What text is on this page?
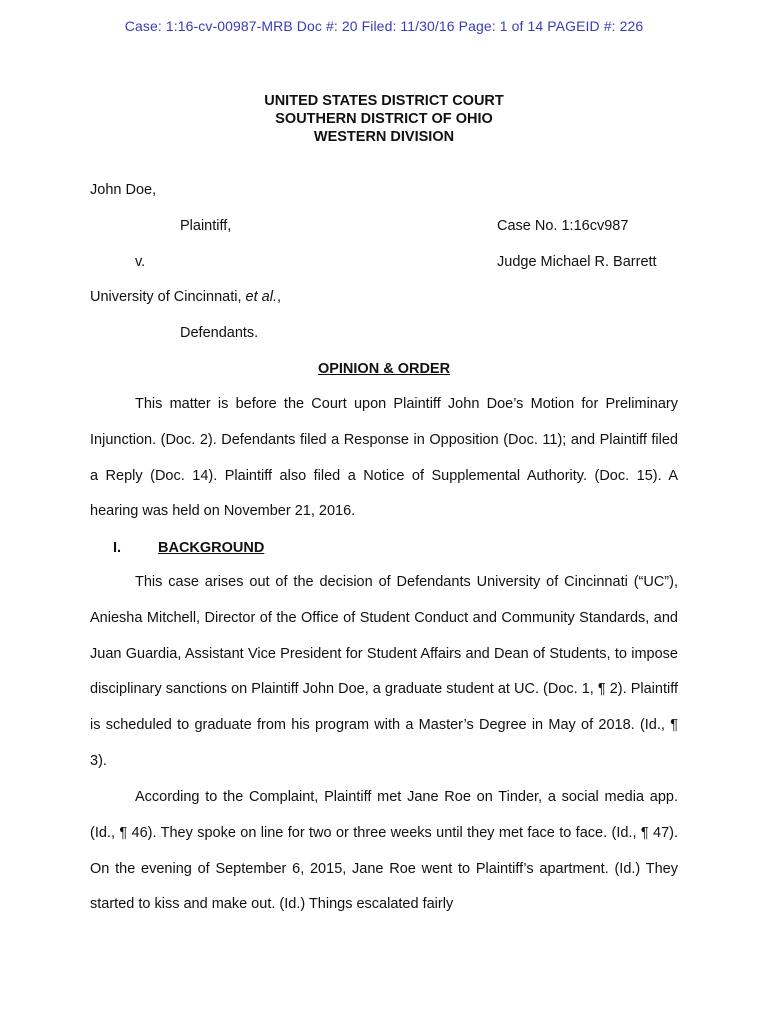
Case: 1:16-cv-00987-MRB Doc #: 20 Filed: 11/30/16 Page: 1 of 14 PAGEID #: 226
UNITED STATES DISTRICT COURT
SOUTHERN DISTRICT OF OHIO
WESTERN DIVISION
John Doe,
Plaintiff,	Case No. 1:16cv987
v.	Judge Michael R. Barrett
University of Cincinnati, et al.,
Defendants.
OPINION & ORDER
This matter is before the Court upon Plaintiff John Doe’s Motion for Preliminary Injunction. (Doc. 2). Defendants filed a Response in Opposition (Doc. 11); and Plaintiff filed a Reply (Doc. 14). Plaintiff also filed a Notice of Supplemental Authority. (Doc. 15). A hearing was held on November 21, 2016.
I.	BACKGROUND
This case arises out of the decision of Defendants University of Cincinnati (“UC”), Aniesha Mitchell, Director of the Office of Student Conduct and Community Standards, and Juan Guardia, Assistant Vice President for Student Affairs and Dean of Students, to impose disciplinary sanctions on Plaintiff John Doe, a graduate student at UC. (Doc. 1, ¶ 2). Plaintiff is scheduled to graduate from his program with a Master’s Degree in May of 2018. (Id., ¶ 3).
According to the Complaint, Plaintiff met Jane Roe on Tinder, a social media app. (Id., ¶ 46). They spoke on line for two or three weeks until they met face to face. (Id., ¶ 47). On the evening of September 6, 2015, Jane Roe went to Plaintiff’s apartment. (Id.) They started to kiss and make out. (Id.) Things escalated fairly
